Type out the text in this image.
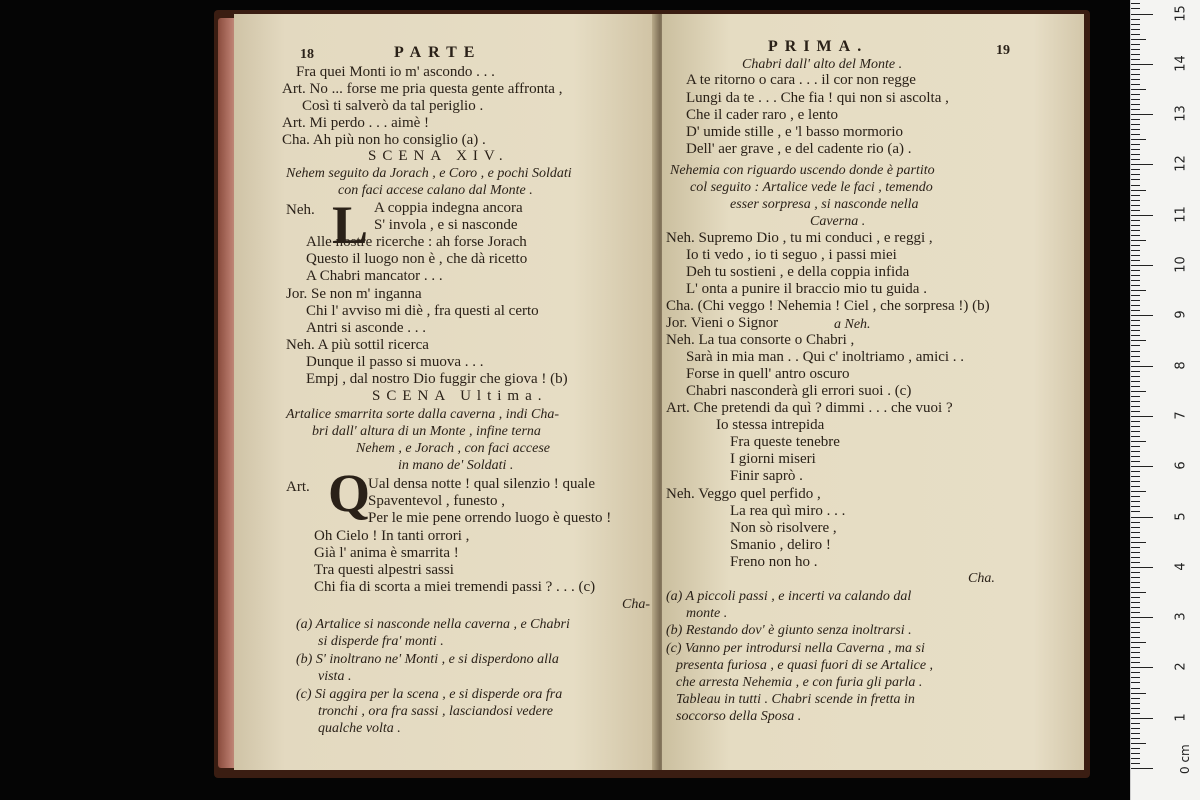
18	PARTE
Fra quei Monti io m' ascondo . . .
Art. No ... forse me pria questa gente affronta ,
Così ti salverò da tal periglio .
Art. Mi perdo . . . aimè !
Cha. Ah più non ho consiglio (a) .
SCENA XIV.
Nehem seguito da Jorach , e Coro , e pochi Soldati
con faci accese calano dal Monte .
Neh. L A coppia indegna ancora
S' invola , e si nasconde
Alle nostre ricerche : ah forse Jorach
Questo il luogo non è , che dà ricetto
A Chabri mancator . . .
Jor. Se non m' inganna
Chi l' avviso mi diè , fra questi al certo
Antri si asconde . . .
Neh. A più sottil ricerca
Dunque il passo si muova . . .
Empj , dal nostro Dio fuggir che giova ! (b)
SCENA Ultima.
Artalice smarrita sorte dalla caverna , indi Cha-
bri dall' altura di un Monte , infine terna
Nehem , e Jorach , con faci accese
in mano de' Soldati .
Art. Q
Ual densa notte ! qual silenzio ! quale
Spaventevol , funesto ,
Per le mie pene orrendo luogo è questo !
Oh Cielo ! In tanti orrori ,
Già l' anima è smarrita !
Tra questi alpestri sassi
Chi fia di scorta a miei tremendi passi ? . . . (c)
Cha-
(a) Artalice si nasconde nella caverna , e Chabri
si disperde fra' monti .
(b) S' inoltrano ne' Monti , e si disperdono alla
vista .
(c) Si aggira per la scena , e si disperde ora fra
tronchi , ora fra sassi , lasciandosi vedere
qualche volta .
PRIMA.	19
Chabri dall' alto del Monte .
A te ritorno o cara . . . il cor non regge
Lungi da te . . . Che fia ! qui non si ascolta ,
Che il cader raro , e lento
D' umide stille , e 'l basso mormorio
Dell' aer grave , e del cadente rio (a) .
Nehemia con riguardo uscendo donde è partito
col seguito : Artalice vede le faci , temendo
esser sorpresa , si nasconde nella
Caverna .
Neh. Supremo Dio , tu mi conduci , e reggi ,
Io ti vedo , io ti seguo , i passi miei
Deh tu sostieni , e della coppia infida
L' onta a punire il braccio mio tu guida .
Cha. (Chi veggo ! Nehemia ! Ciel , che sorpresa !) (b)
Jor. Vieni o Signor	a Neh.
Neh. La tua consorte o Chabri ,
Sarà in mia man . . Qui c' inoltriamo , amici . .
Forse in quell' antro oscuro
Chabri nasconderà gli errori suoi . (c)
Art. Che pretendi da quì ? dimmi . . . che vuoi ?
Io stessa intrepida
Fra queste tenebre
I giorni miseri
Finir saprò .
Neh. Veggo quel perfido ,
La rea quì miro . . .
Non sò risolvere ,
Smanio , deliro !
Freno non ho .
Cha.
(a) A piccoli passi , e incerti va calando dal
monte .
(b) Restando dov' è giunto senza inoltrarsi .
(c) Vanno per introdursi nella Caverna , ma si
presenta furiosa , e quasi fuori di se Artalice ,
che arresta Nehemia , e con furia gli parla .
Tableau in tutti . Chabri scende in fretta in
soccorso della Sposa .	1
2
3
4
5
6
7
8
9
10
11
12
13
14
15
0 cm
